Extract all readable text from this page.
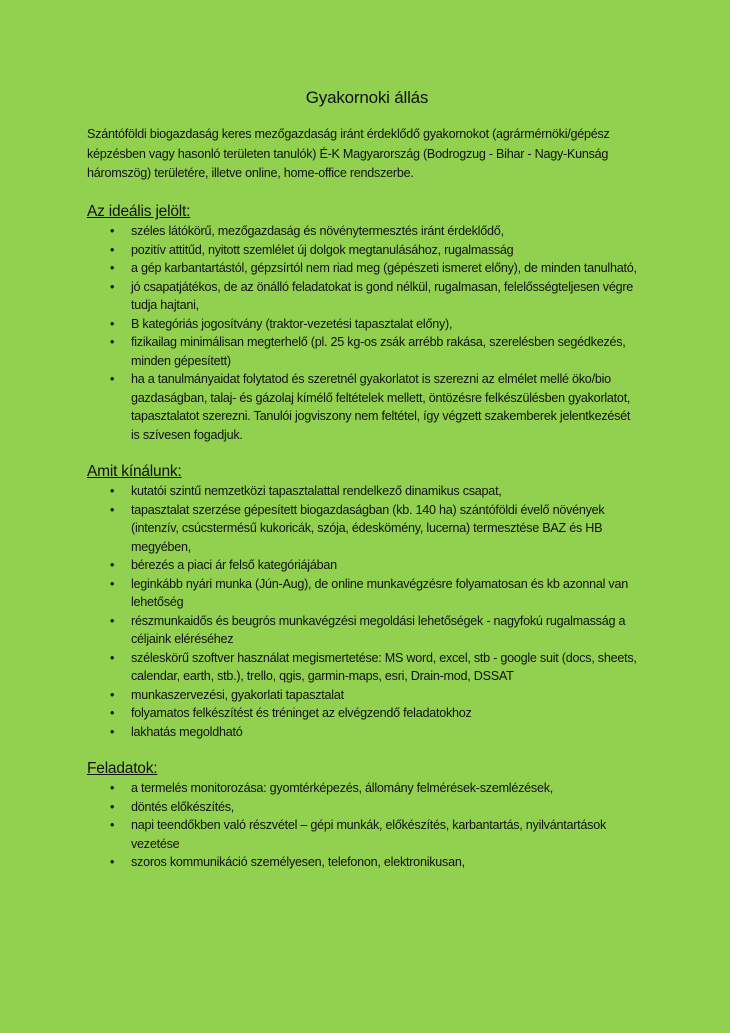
Gyakornoki állás

Szántóföldi biogazdaság keres mezőgazdaság iránt érdeklődő gyakornokot (agrármérnöki/gépész képzésben vagy hasonló területen tanulók) É-K Magyarország (Bodrogzug - Bihar - Nagy-Kunság háromszög) területére, illetve online, home-office rendszerbe.

Az ideális jelölt:
• széles látókörű, mezőgazdaság és növénytermesztés iránt érdeklődő,
• pozitív attitűd, nyitott szemlélet új dolgok megtanulásához, rugalmasság
• a gép karbantartástól, gépzsírtól nem riad meg (gépészeti ismeret előny), de minden tanulható,
• jó csapatjátékos, de az önálló feladatokat is gond nélkül, rugalmasan, felelősségteljesen végre tudja hajtani,
• B kategóriás jogosítvány (traktor-vezetési tapasztalat előny),
• fizikailag minimálisan megterhelő (pl. 25 kg-os zsák arrébb rakása, szerelésben segédkezés, minden gépesített)
• ha a tanulmányaidat folytatod és szeretnél gyakorlatot is szerezni az elmélet mellé öko/bio gazdaságban, talaj- és gázolaj kímélő feltételek mellett, öntözésre felkészülésben gyakorlatot, tapasztalatot szerezni. Tanulói jogviszony nem feltétel, így végzett szakemberek jelentkezését is szívesen fogadjuk.
Amit kínálunk:
• kutatói szintű nemzetközi tapasztalattal rendelkező dinamikus csapat,
• tapasztalat szerzése gépesített biogazdaságban (kb. 140 ha) szántóföldi évelő növények (intenzív, csúcstermésű kukoricák, szója, édeskömény, lucerna) termesztése BAZ és HB megyében,
• bérezés a piaci ár felső kategóriájában
• leginkább nyári munka (Jún-Aug), de online munkavégzésre folyamatosan és kb azonnal van lehetőség
• részmunkaidős és beugrós munkavégzési megoldási lehetőségek - nagyfokú rugalmasság a céljaink eléréséhez
• széleskörű szoftver használat megismertetése: MS word, excel, stb - google suit (docs, sheets, calendar, earth, stb.), trello, qgis, garmin-maps, esri, Drain-mod, DSSAT
• munkaszervezési, gyakorlati tapasztalat
• folyamatos felkészítést és tréninget az elvégzendő feladatokhoz
• lakhatás megoldható
Feladatok:
• a termelés monitorozása: gyomtérképezés, állomány felmérések-szemlézések,
• döntés előkészítés,
• napi teendőkben való részvétel – gépi munkák, előkészítés, karbantartás, nyilvántartások vezetése
• szoros kommunikáció személyesen, telefonon, elektronikusan,
